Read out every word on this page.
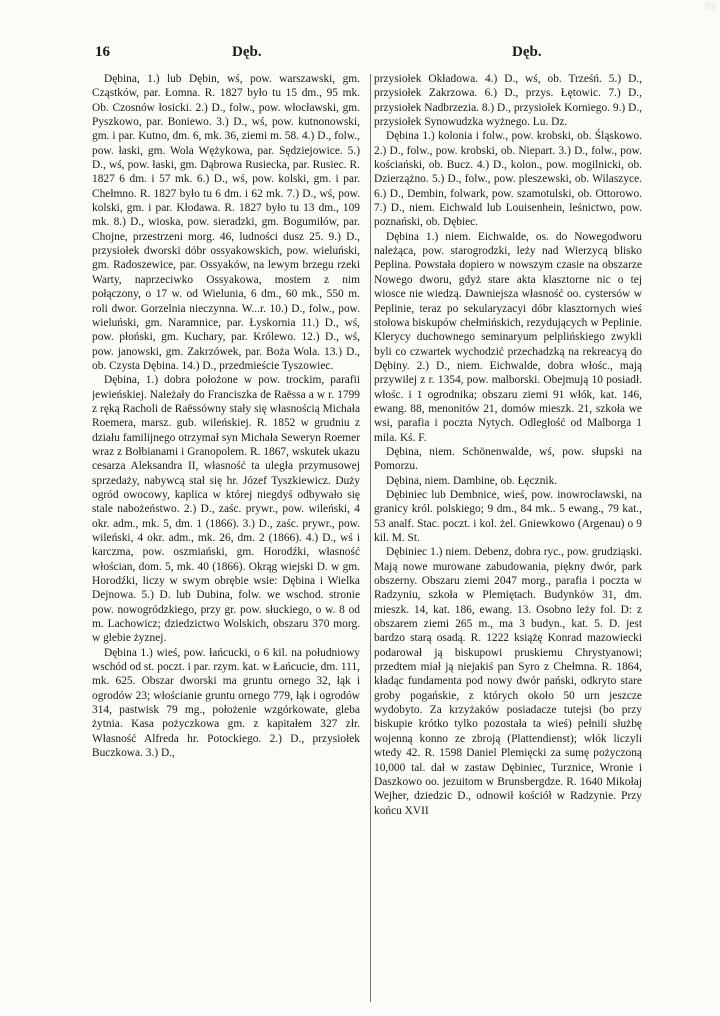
░░
16	Dęb.	Dęb.

Dębina, 1.) lub Dębin, wś, pow. warszawski, gm. Cząstków, par. Łomna. R. 1827 było tu 15 dm., 95 mk. Ob. Czosnów łosicki. 2.) D., folw., pow. włocławski, gm. Pyszkowo, par. Boniewo. 3.) D., wś, pow. kutnonowski, gm. i par. Kutno, dm. 6, mk. 36, ziemi m. 58. 4.) D., folw., pow. łaski, gm. Wola Wężykowa, par. Sędziejowice. 5.) D., wś, pow. łaski, gm. Dąbrowa Rusiecka, par. Rusiec. R. 1827 6 dm. i 57 mk. 6.) D., wś, pow. kolski, gm. i par. Chełmno. R. 1827 było tu 6 dm. i 62 mk. 7.) D., wś, pow. kolski, gm. i par. Kłodawa. R. 1827 było tu 13 dm., 109 mk. 8.) D., wioska, pow. sieradzki, gm. Bogumiłów, par. Chojne, przestrzeni morg. 46, ludności dusz 25. 9.) D., przysiołek dworski dóbr ossyakowskich, pow. wieluński, gm. Radoszewice, par. Ossyaków, na lewym brzegu rzeki Warty, naprzeciwko Ossyakowa, mostem z nim połączony, o 17 w. od Wielunia, 6 dm., 60 mk., 550 m. roli dwor. Gorzelnia nieczynna. W...r. 10.) D., folw., pow. wieluński, gm. Naramnice, par. Łyskornia 11.) D., wś, pow. płoński, gm. Kuchary, par. Królewo. 12.) D., wś, pow. janowski, gm. Zakrzówek, par. Boża Wola. 13.) D., ob. Czysta Dębina. 14.) D., przedmieście Tyszowiec.

Dębina, 1.) dobra położone w pow. trockim, parafii jewieńskiej. Należały do Franciszka de Raëssa a w r. 1799 z ręką Racholi de Raëssówny stały się własnością Michała Roemera, marsz. gub. wileńskiej. R. 1852 w grudniu z działu familijnego otrzymał syn Michała Seweryn Roemer wraz z Bołbianami i Granopolem. R. 1867, wskutek ukazu cesarza Aleksandra II, własność ta uległa przymusowej sprzedaży, nabywcą stał się hr. Józef Tyszkiewicz. Duży ogród owocowy, kaplica w której niegdyś odbywało się stale nabożeństwo. 2.) D., zaśc. prywr., pow. wileński, 4 okr. adm., mk. 5, dm. 1 (1866). 3.) D., zaśc. prywr., pow. wileński, 4 okr. adm., mk. 26, dm. 2 (1866). 4.) D., wś i karczma, pow. oszmiański, gm. Horodźki, własność włościan, dom. 5, mk. 40 (1866). Okrąg wiejski D. w gm. Horodźki, liczy w swym obrębie wsie: Dębina i Wielka Dejnowa. 5.) D. lub Dubina, folw. we wschod. stronie pow. nowogródzkiego, przy gr. pow. słuckiego, o w. 8 od m. Lachowicz; dziedzictwo Wolskich, obszaru 370 morg. w glebie żyznej.

Dębina 1.) wieś, pow. łańcucki, o 6 kil. na południowy wschód od st. poczt. i par. rzym. kat. w Łańcucie, dm. 111, mk. 625. Obszar dworski ma gruntu ornego 32, łąk i ogrodów 23; włościanie gruntu ornego 779, łąk i ogrodów 314, pastwisk 79 mg., położenie wzgórkowate, gleba żytnia. Kasa pożyczkowa gm. z kapitałem 327 złr. Własność Alfreda hr. Potockiego. 2.) D., przysiołek Buczkowa. 3.) D.,

przysiołek Okładowa. 4.) D., wś, ob. Trześń. 5.) D., przysiołek Zakrzowa. 6.) D., przys. Łętowic. 7.) D., przysiołek Nadbrzezia. 8.) D., przysiołek Korniego. 9.) D., przysiołek Synowudzka wyżnego. Lu. Dz.

Dębina 1.) kolonia i folw., pow. krobski, ob. Śląskowo. 2.) D., folw., pow. krobski, ob. Niepart. 3.) D., folw., pow. kościański, ob. Bucz. 4.) D., kolon., pow. mogilnicki, ob. Dzierzążno. 5.) D., folw., pow. pleszewski, ob. Wilaszyce. 6.) D., Dembin, folwark, pow. szamotulski, ob. Ottorowo. 7.) D., niem. Eichwald lub Louisenhein, leśnictwo, pow. poznański, ob. Dębiec.

Dębina 1.) niem. Eichwalde, os. do Nowegodworu należąca, pow. starogrodzki, leży nad Wierzycą blisko Peplina. Powstała dopiero w nowszym czasie na obszarze Nowego dworu, gdyż stare akta klasztorne nic o tej wiosce nie wiedzą. Dawniejsza własność oo. cystersów w Peplinie, teraz po sekularyzacyi dóbr klasztornych wieś stołowa biskupów chełmińskich, rezydujących w Peplinie. Klerycy duchownego seminaryum pelplińskiego zwykli byli co czwartek wychodzić przechadzką na rekreacyą do Dębiny. 2.) D., niem. Eichwalde, dobra włośc., mają przywilej z r. 1354, pow. malborski. Obejmują 10 posiadł. włośc. i 1 ogrodnika; obszaru ziemi 91 włók, kat. 146, ewang. 88, menonitów 21, domów mieszk. 21, szkoła we wsi, parafia i poczta Nytych. Odległość od Malborga 1 mila. Kś. F.

Dębina, niem. Schönenwalde, wś, pow. słupski na Pomorzu.

Dębina, niem. Dambine, ob. Łęcznik.

Dębiniec lub Dembnice, wieś, pow. inowrocławski, na granicy król. polskiego; 9 dm., 84 mk.. 5 ewang., 79 kat., 53 analf. Stac. poczt. i kol. żel. Gniewkowo (Argenau) o 9 kil. M. St.

Dębiniec 1.) niem. Debenz, dobra ryc., pow. grudziąski. Mają nowe murowane zabudowania, piękny dwór, park obszerny. Obszaru ziemi 2047 morg., parafia i poczta w Radzyniu, szkoła w Plemiętach. Budynków 31, dm. mieszk. 14, kat. 186, ewang. 13. Osobno leży fol. D: z obszarem ziemi 265 m., ma 3 budyn., kat. 5. D. jest bardzo starą osadą. R. 1222 książę Konrad mazowiecki podarował ją biskupowi pruskiemu Chrystyanowi; przedtem miał ją niejakiś pan Syro z Chełmna. R. 1864, kładąc fundamenta pod nowy dwór pański, odkryto stare groby pogańskie, z których około 50 urn jeszcze wydobyto. Za krzyżaków posiadacze tutejsi (bo przy biskupie krótko tylko pozostała ta wieś) pełnili służbę wojenną konno ze zbroją (Plattendienst); włók liczyli wtedy 42. R. 1598 Daniel Plemięcki za sumę pożyczoną 10,000 tal. dał w zastaw Dębiniec, Turznice, Wronie i Daszkowo oo. jezuitom w Brunsbergdze. R. 1640 Mikołaj Wejher, dziedzic D., odnowił kościół w Radzynie. Przy końcu XVII
